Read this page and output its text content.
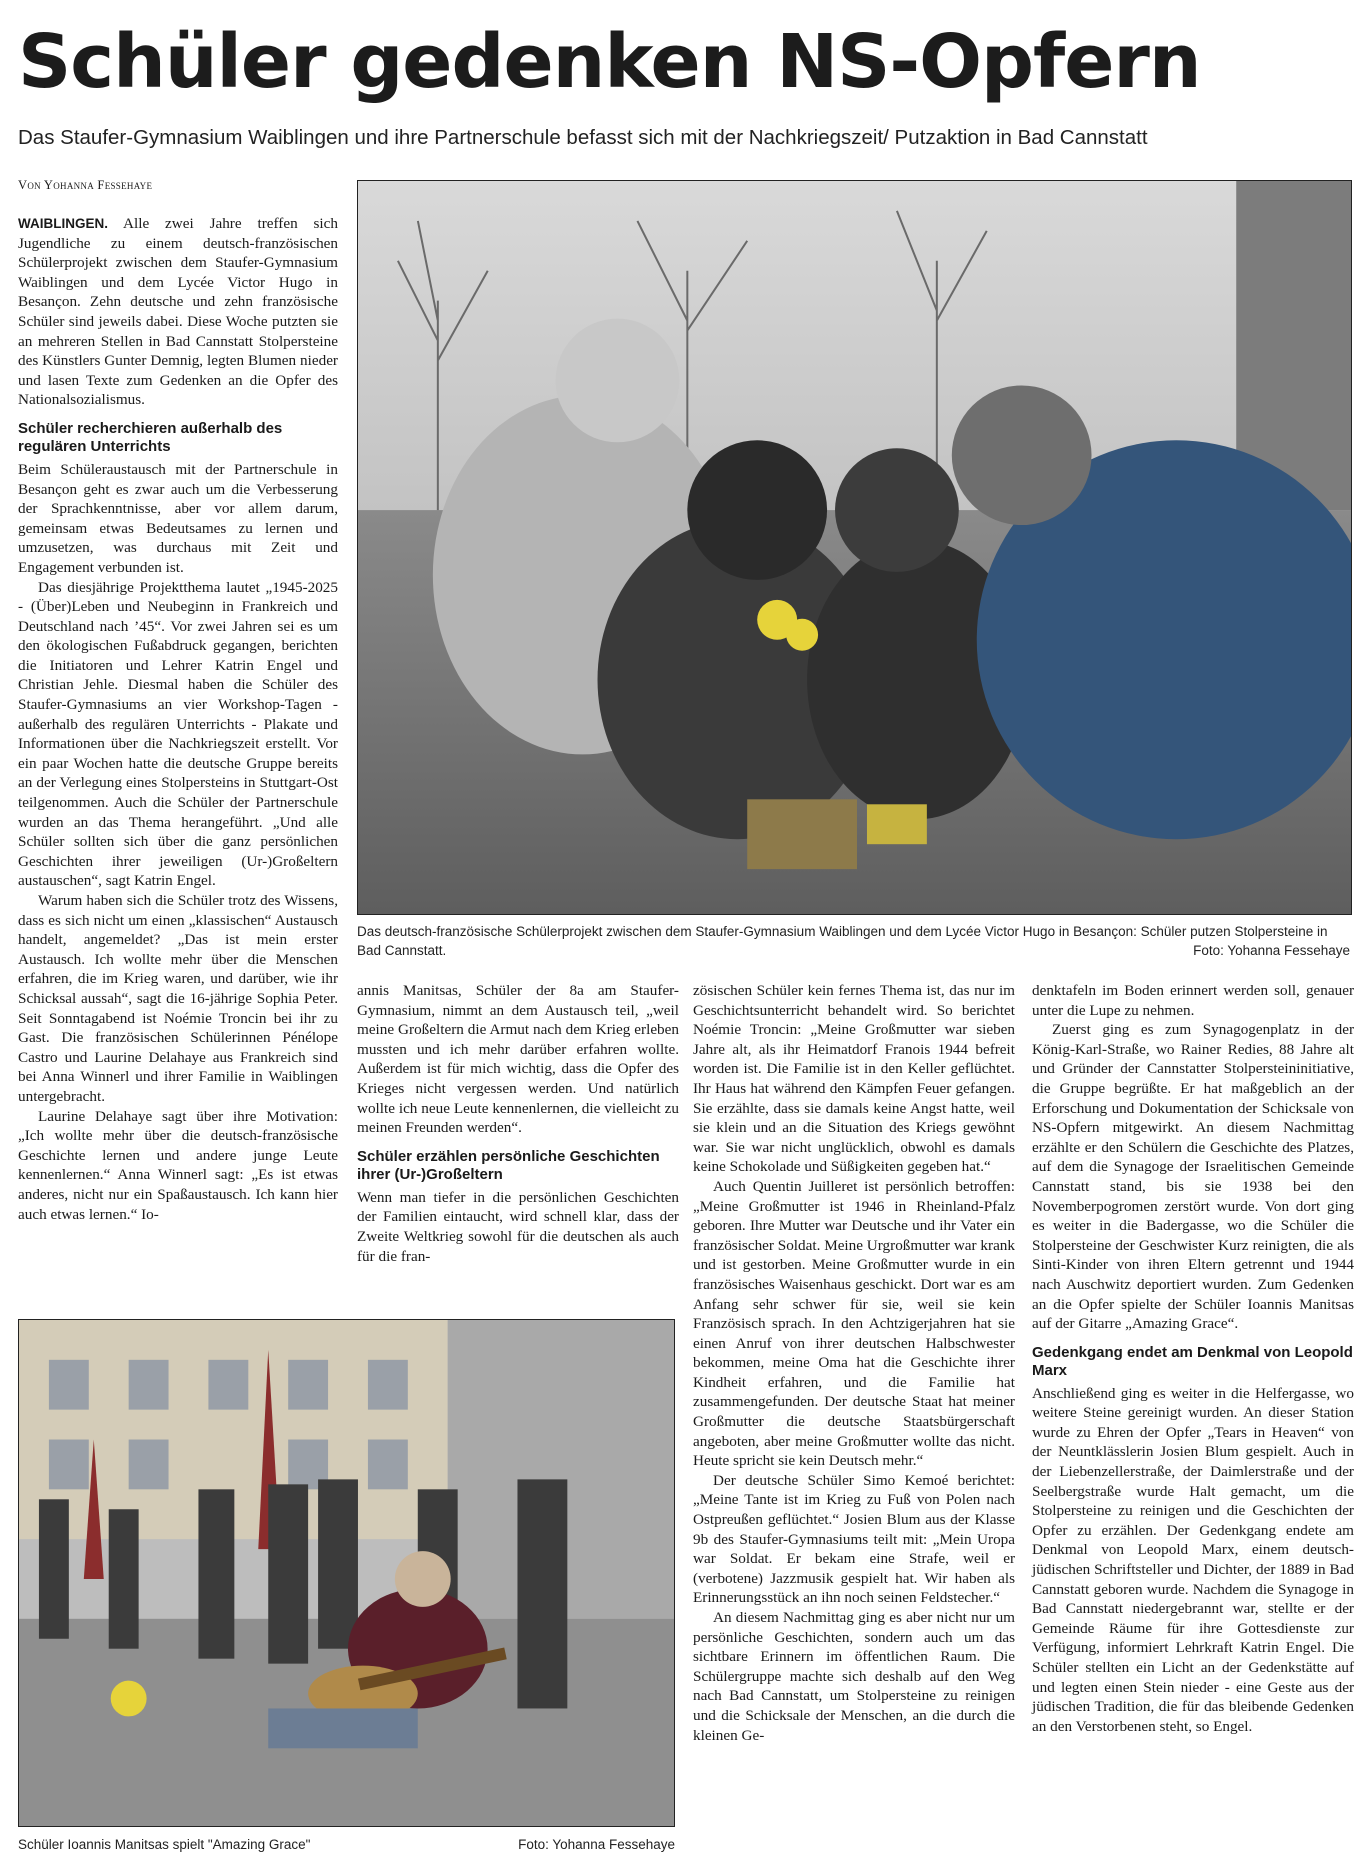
Schüler gedenken NS-Opfern
Das Staufer-Gymnasium Waiblingen und ihre Partnerschule befasst sich mit der Nachkriegszeit/ Putzaktion in Bad Cannstatt
Von Yohanna Fessehaye

WAIBLINGEN. Alle zwei Jahre treffen sich Jugendliche zu einem deutsch-französischen Schülerprojekt zwischen dem Staufer-Gymnasium Waiblingen und dem Lycée Victor Hugo in Besançon. Zehn deutsche und zehn französische Schüler sind jeweils dabei. Diese Woche putzten sie an mehreren Stellen in Bad Cannstatt Stolpersteine des Künstlers Gunter Demnig, legten Blumen nieder und lasen Texte zum Gedenken an die Opfer des Nationalsozialismus.

Schüler recherchieren außerhalb des regulären Unterrichts

Beim Schüleraustausch mit der Partnerschule in Besançon geht es zwar auch um die Verbesserung der Sprachkenntnisse, aber vor allem darum, gemeinsam etwas Bedeutsames zu lernen und umzusetzen, was durchaus mit Zeit und Engagement verbunden ist.

Das diesjährige Projektthema lautet „1945-2025 - (Über)Leben und Neubeginn in Frankreich und Deutschland nach ’45“. Vor zwei Jahren sei es um den ökologischen Fußabdruck gegangen, berichten die Initiatoren und Lehrer Katrin Engel und Christian Jehle. Diesmal haben die Schüler des Staufer-Gymnasiums an vier Workshop-Tagen - außerhalb des regulären Unterrichts - Plakate und Informationen über die Nachkriegszeit erstellt. Vor ein paar Wochen hatte die deutsche Gruppe bereits an der Verlegung eines Stolpersteins in Stuttgart-Ost teilgenommen. Auch die Schüler der Partnerschule wurden an das Thema herangeführt. „Und alle Schüler sollten sich über die ganz persönlichen Geschichten ihrer jeweiligen (Ur-)Großeltern austauschen“, sagt Katrin Engel.

Warum haben sich die Schüler trotz des Wissens, dass es sich nicht um einen „klassischen“ Austausch handelt, angemeldet? „Das ist mein erster Austausch. Ich wollte mehr über die Menschen erfahren, die im Krieg waren, und darüber, wie ihr Schicksal aussah“, sagt die 16-jährige Sophia Peter. Seit Sonntagabend ist Noémie Troncin bei ihr zu Gast. Die französischen Schülerinnen Pénélope Castro und Laurine Delahaye aus Frankreich sind bei Anna Winnerl und ihrer Familie in Waiblingen untergebracht.

Laurine Delahaye sagt über ihre Motivation: „Ich wollte mehr über die deutsch-französische Geschichte lernen und andere junge Leute kennenlernen.“ Anna Winnerl sagt: „Es ist etwas anderes, nicht nur ein Spaßaustausch. Ich kann hier auch etwas lernen.“ Io-

Das deutsch-französische Schülerprojekt zwischen dem Staufer-Gymnasium Waiblingen und dem Lycée Victor Hugo in Besançon: Schüler putzen Stolpersteine in Bad Cannstatt.	Foto: Yohanna Fessehaye

annis Manitsas, Schüler der 8a am Staufer-Gymnasium, nimmt an dem Austausch teil, „weil meine Großeltern die Armut nach dem Krieg erleben mussten und ich mehr darüber erfahren wollte. Außerdem ist für mich wichtig, dass die Opfer des Krieges nicht vergessen werden. Und natürlich wollte ich neue Leute kennenlernen, die vielleicht zu meinen Freunden werden“.

Schüler erzählen persönliche Geschichten ihrer (Ur-)Großeltern

Wenn man tiefer in die persönlichen Geschichten der Familien eintaucht, wird schnell klar, dass der Zweite Weltkrieg sowohl für die deutschen als auch für die fran-

zösischen Schüler kein fernes Thema ist, das nur im Geschichtsunterricht behandelt wird. So berichtet Noémie Troncin: „Meine Großmutter war sieben Jahre alt, als ihr Heimatdorf Franois 1944 befreit worden ist. Die Familie ist in den Keller geflüchtet. Ihr Haus hat während den Kämpfen Feuer gefangen. Sie erzählte, dass sie damals keine Angst hatte, weil sie klein und an die Situation des Kriegs gewöhnt war. Sie war nicht unglücklich, obwohl es damals keine Schokolade und Süßigkeiten gegeben hat.“

Auch Quentin Juilleret ist persönlich betroffen: „Meine Großmutter ist 1946 in Rheinland-Pfalz geboren. Ihre Mutter war Deutsche und ihr Vater ein französischer Soldat. Meine Urgroßmutter war krank und ist gestorben. Meine Großmutter wurde in ein französisches Waisenhaus geschickt. Dort war es am Anfang sehr schwer für sie, weil sie kein Französisch sprach. In den Achtzigerjahren hat sie einen Anruf von ihrer deutschen Halbschwester bekommen, meine Oma hat die Geschichte ihrer Kindheit erfahren, und die Familie hat zusammengefunden. Der deutsche Staat hat meiner Großmutter die deutsche Staatsbürgerschaft angeboten, aber meine Großmutter wollte das nicht. Heute spricht sie kein Deutsch mehr.“

Der deutsche Schüler Simo Kemoé berichtet: „Meine Tante ist im Krieg zu Fuß von Polen nach Ostpreußen geflüchtet.“ Josien Blum aus der Klasse 9b des Staufer-Gymnasiums teilt mit: „Mein Uropa war Soldat. Er bekam eine Strafe, weil er (verbotene) Jazzmusik gespielt hat. Wir haben als Erinnerungsstück an ihn noch seinen Feldstecher.“

An diesem Nachmittag ging es aber nicht nur um persönliche Geschichten, sondern auch um das sichtbare Erinnern im öffentlichen Raum. Die Schülergruppe machte sich deshalb auf den Weg nach Bad Cannstatt, um Stolpersteine zu reinigen und die Schicksale der Menschen, an die durch die kleinen Ge-

denktafeln im Boden erinnert werden soll, genauer unter die Lupe zu nehmen.

Zuerst ging es zum Synagogenplatz in der König-Karl-Straße, wo Rainer Redies, 88 Jahre alt und Gründer der Cannstatter Stolpersteininitiative, die Gruppe begrüßte. Er hat maßgeblich an der Erforschung und Dokumentation der Schicksale von NS-Opfern mitgewirkt. An diesem Nachmittag erzählte er den Schülern die Geschichte des Platzes, auf dem die Synagoge der Israelitischen Gemeinde Cannstatt stand, bis sie 1938 bei den Novemberpogromen zerstört wurde. Von dort ging es weiter in die Badergasse, wo die Schüler die Stolpersteine der Geschwister Kurz reinigten, die als Sinti-Kinder von ihren Eltern getrennt und 1944 nach Auschwitz deportiert wurden. Zum Gedenken an die Opfer spielte der Schüler Ioannis Manitsas auf der Gitarre „Amazing Grace“.

Gedenkgang endet am Denkmal von Leopold Marx

Anschließend ging es weiter in die Helfergasse, wo weitere Steine gereinigt wurden. An dieser Station wurde zu Ehren der Opfer „Tears in Heaven“ von der Neuntklässlerin Josien Blum gespielt. Auch in der Liebenzellerstraße, der Daimlerstraße und der Seelbergstraße wurde Halt gemacht, um die Stolpersteine zu reinigen und die Geschichten der Opfer zu erzählen. Der Gedenkgang endete am Denkmal von Leopold Marx, einem deutsch-jüdischen Schriftsteller und Dichter, der 1889 in Bad Cannstatt geboren wurde. Nachdem die Synagoge in Bad Cannstatt niedergebrannt war, stellte er der Gemeinde Räume für ihre Gottesdienste zur Verfügung, informiert Lehrkraft Katrin Engel. Die Schüler stellten ein Licht an der Gedenkstätte auf und legten einen Stein nieder - eine Geste aus der jüdischen Tradition, die für das bleibende Gedenken an den Verstorbenen steht, so Engel.

Schüler Ioannis Manitsas spielt "Amazing Grace"	Foto: Yohanna Fessehaye
